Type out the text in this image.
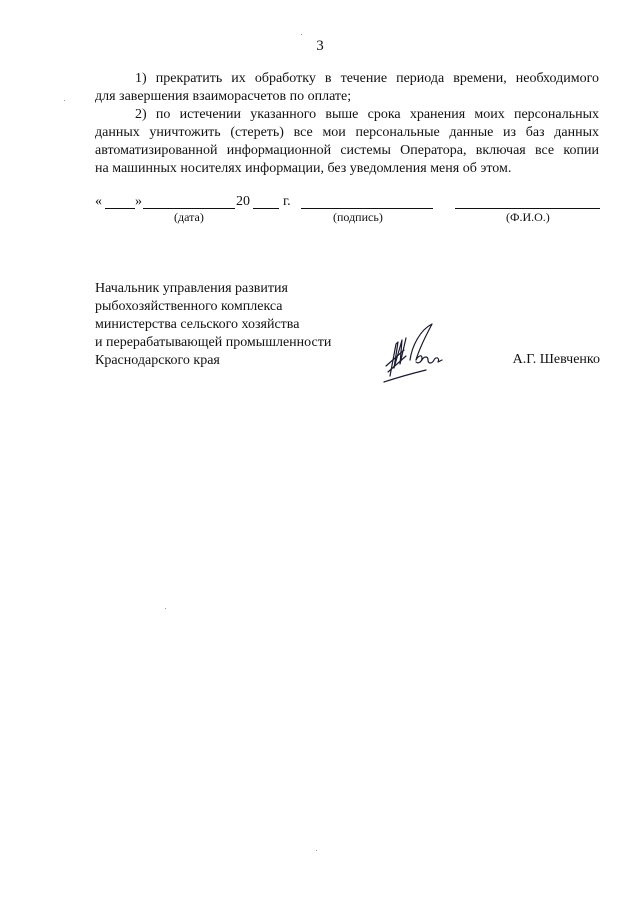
3
1) прекратить их обработку в течение периода времени, необходимого
для завершения взаиморасчетов по оплате;
2) по истечении указанного выше срока хранения моих персональных
данных уничтожить (стереть) все мои персональные данные из баз данных
автоматизированной информационной системы Оператора, включая все копии
на машинных носителях информации, без уведомления меня об этом.
« »	20 г.
(дата)	(подпись)	(Ф.И.О.)
Начальник управления развития
рыбохозяйственного комплекса
министерства сельского хозяйства
и перерабатывающей промышленности
Краснодарского края	А.Г. Шевченко
